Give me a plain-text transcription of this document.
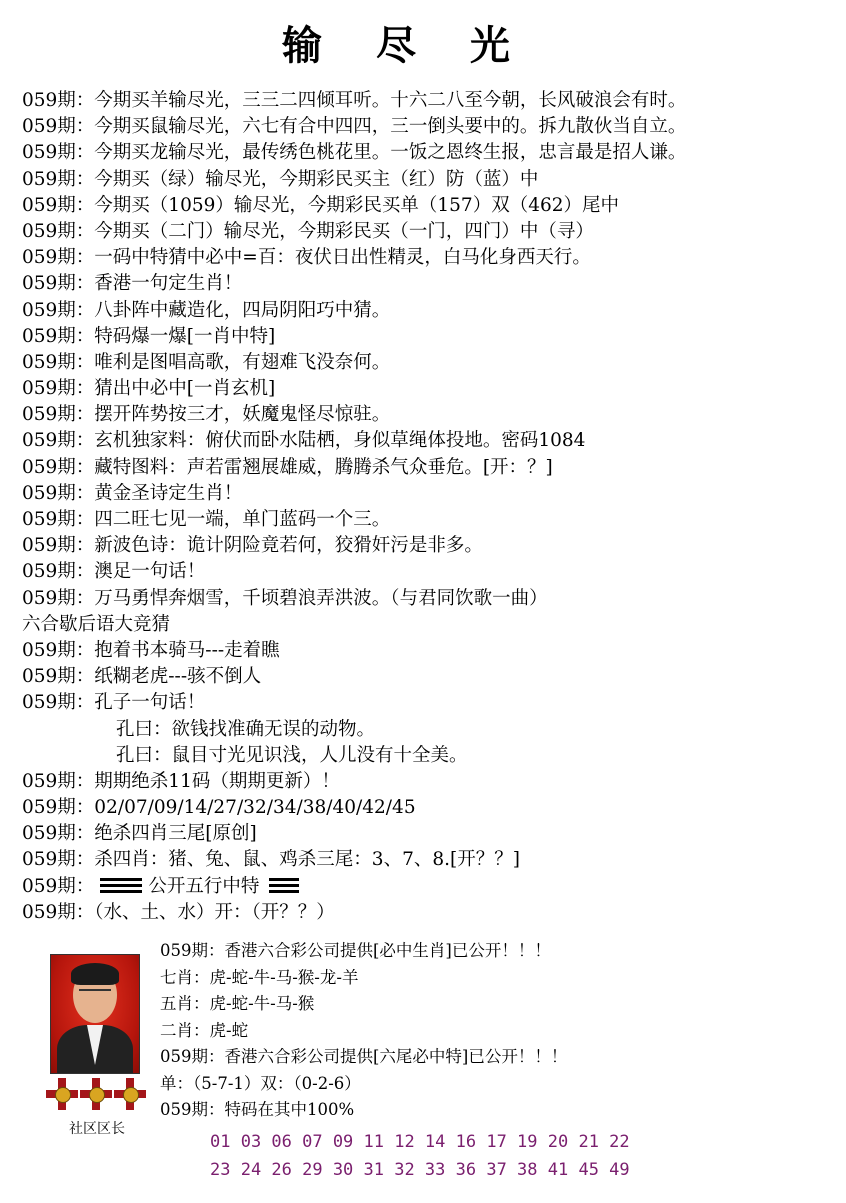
输尽光
059期：今期买羊输尽光，三三二四倾耳听。十六二八至今朝，长风破浪会有时。
059期：今期买鼠输尽光，六七有合中四四，三一倒头要中的。拆九散伙当自立。
059期：今期买龙输尽光，最传绣色桃花里。一饭之恩终生报，忠言最是招人谦。
059期：今期买（绿）输尽光，今期彩民买主（红）防（蓝）中
059期：今期买（1059）输尽光，今期彩民买单（157）双（462）尾中
059期：今期买（二门）输尽光，今期彩民买（一门，四门）中（寻）
059期：一码中特猜中必中=百：夜伏日出性精灵，白马化身西天行。
059期：香港一句定生肖！
059期：八卦阵中藏造化，四局阴阳巧中猜。
059期：特码爆一爆[一肖中特]
059期：唯利是图唱高歌，有翅难飞没奈何。
059期：猜出中必中[一肖玄机]
059期：摆开阵势按三才，妖魔鬼怪尽惊驻。
059期：玄机独家料：俯伏而卧水陆栖，身似草绳体投地。密码1084
059期：藏特图料：声若雷翘展雄威，腾腾杀气众垂危。[开：？]
059期：黄金圣诗定生肖！
059期：四二旺七见一端，单门蓝码一个三。
059期：新波色诗：诡计阴险竟若何，狡猾奸污是非多。
059期：澳足一句话！
059期：万马勇悍奔烟雪，千顷碧浪弄洪波。（与君同饮歌一曲）
六合歇后语大竞猜
059期：抱着书本骑马---走着瞧
059期：纸糊老虎---骇不倒人
059期：孔子一句话！
孔曰：欲钱找准确无误的动物。
孔曰：鼠目寸光见识浅，人儿没有十全美。
059期：期期绝杀11码（期期更新）！
059期：02/07/09/14/27/32/34/38/40/42/45
059期：绝杀四肖三尾[原创]
059期：杀四肖：猪、兔、鼠、鸡杀三尾：3、7、8.[开？？]
059期：	公开五行中特
059期：（水、土、水）开：（开？？）
社区区长
059期：香港六合彩公司提供[必中生肖]已公开！！！
七肖：虎-蛇-牛-马-猴-龙-羊
五肖：虎-蛇-牛-马-猴
二肖：虎-蛇
059期：香港六合彩公司提供[六尾必中特]已公开！！！
单：（5-7-1）双：（0-2-6）
059期：特码在其中100%
01 03 06 07 09 11 12 14 16 17 19 20 21 22
23 24 26 29 30 31 32 33 36 37 38 41 45 49
